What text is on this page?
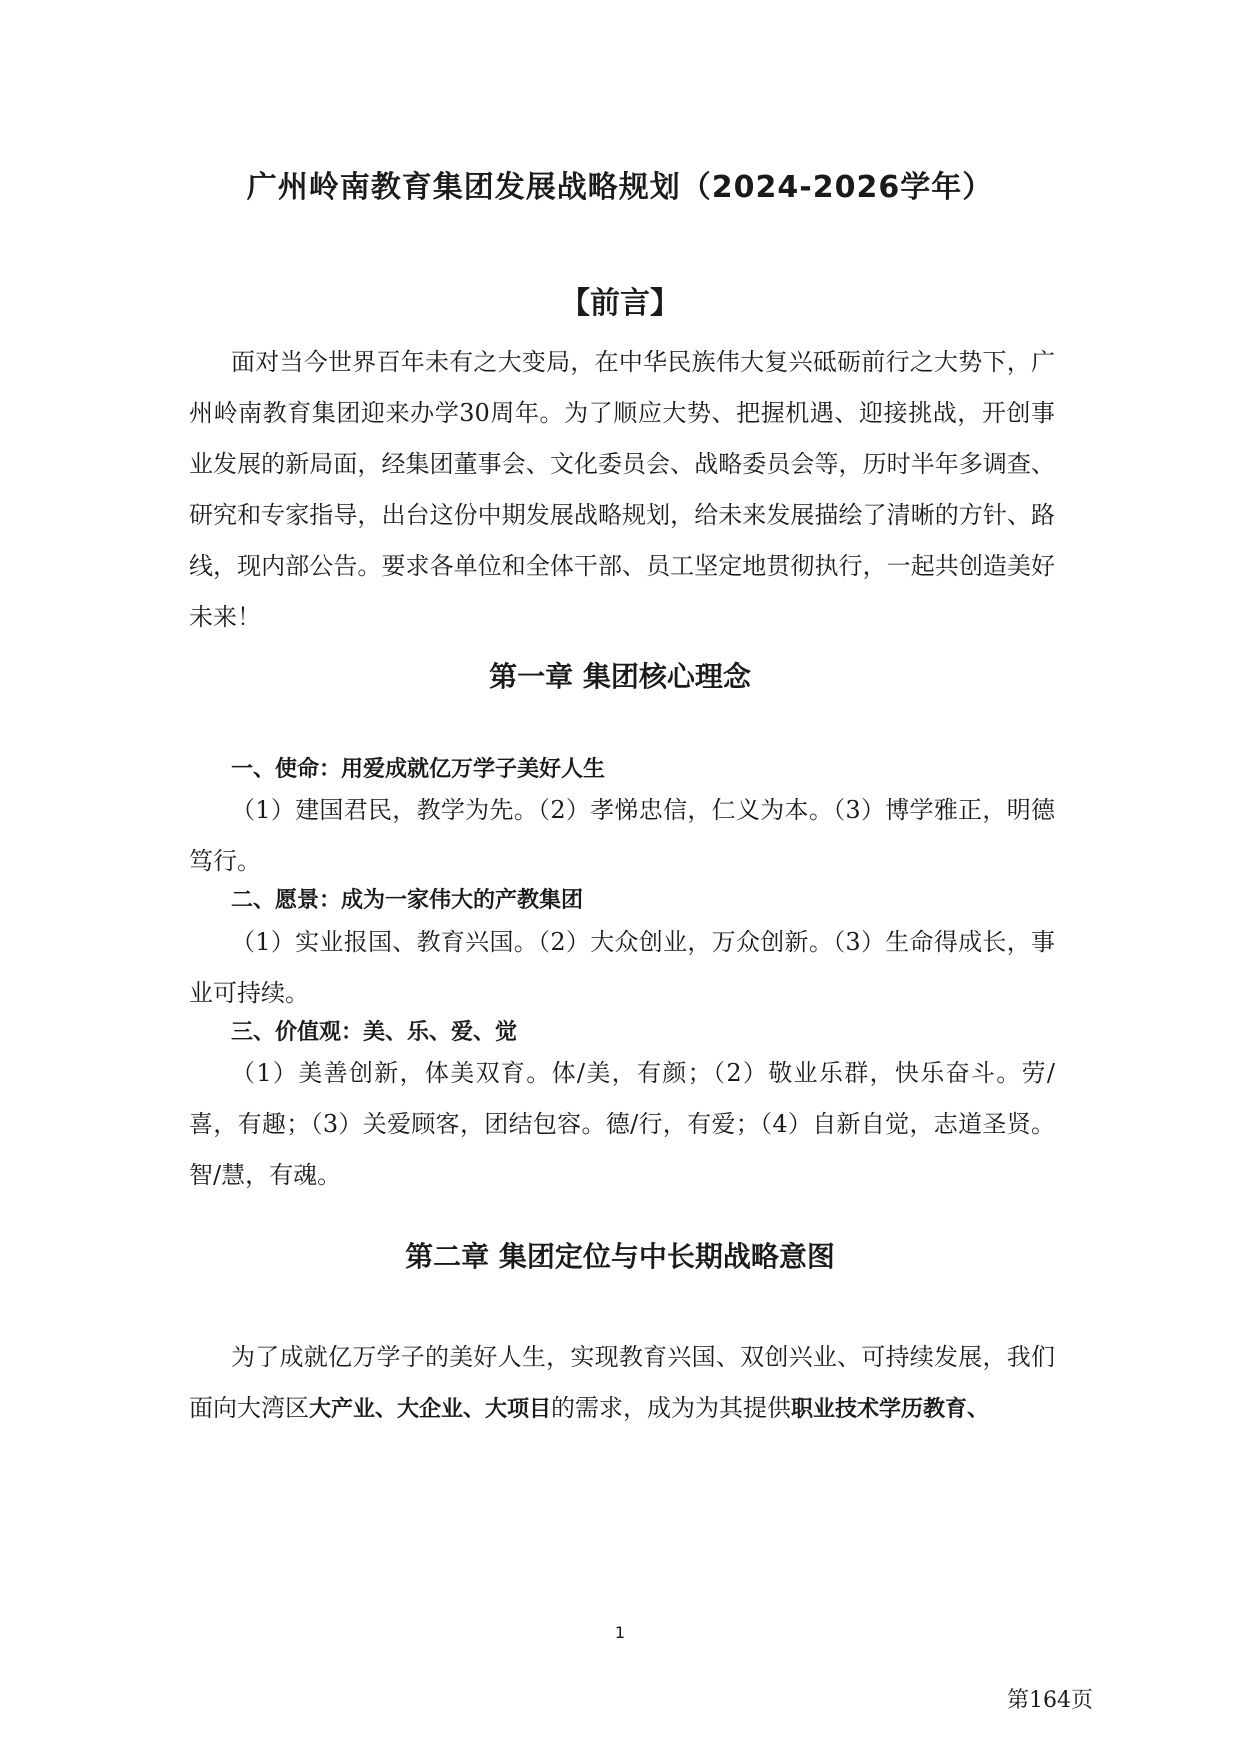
广州岭南教育集团发展战略规划（2024-2026学年）
【前言】

面对当今世界百年未有之大变局，在中华民族伟大复兴砥砺前行之大势下，广州岭南教育集团迎来办学30周年。为了顺应大势、把握机遇、迎接挑战，开创事业发展的新局面，经集团董事会、文化委员会、战略委员会等，历时半年多调查、研究和专家指导，出台这份中期发展战略规划，给未来发展描绘了清晰的方针、路线，现内部公告。要求各单位和全体干部、员工坚定地贯彻执行，一起共创造美好未来！

第一章 集团核心理念
一、使命：用爱成就亿万学子美好人生

（1）建国君民，教学为先。（2）孝悌忠信，仁义为本。（3）博学雅正，明德笃行。

二、愿景：成为一家伟大的产教集团

（1）实业报国、教育兴国。（2）大众创业，万众创新。（3）生命得成长，事业可持续。

三、价值观：美、乐、爱、觉

（1）美善创新，体美双育。体/美，有颜；（2）敬业乐群，快乐奋斗。劳/喜，有趣；（3）关爱顾客，团结包容。德/行，有爱；（4）自新自觉，志道圣贤。智/慧，有魂。

第二章 集团定位与中长期战略意图

为了成就亿万学子的美好人生，实现教育兴国、双创兴业、可持续发展，我们面向大湾区大产业、大企业、大项目的需求，成为为其提供职业技术学历教育、

1
第164页
